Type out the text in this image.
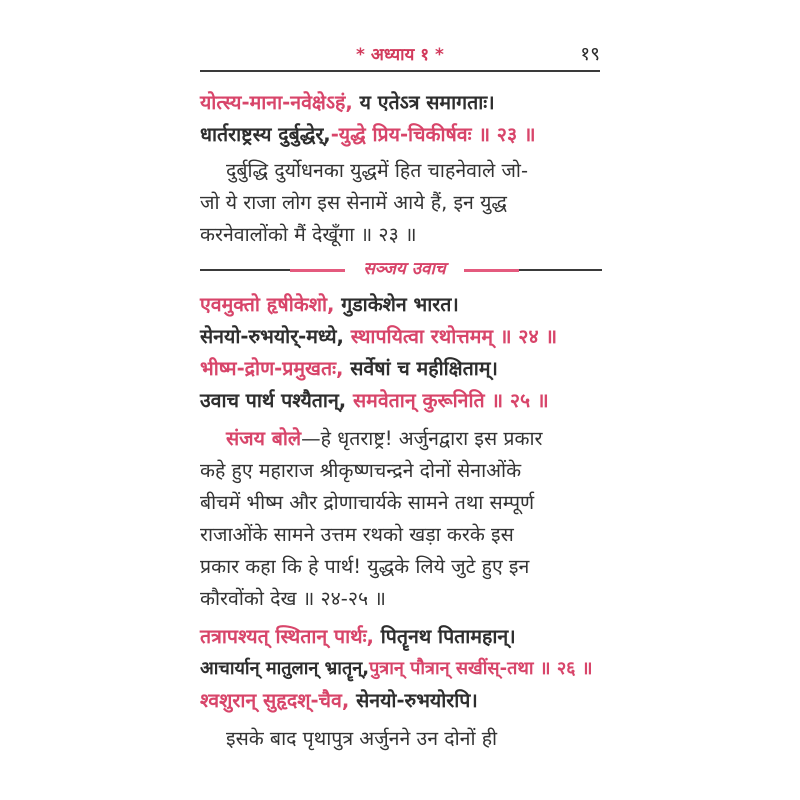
* अध्याय १ *	१९
योत्स्य-माना-नवेक्षेऽहं, य एतेऽत्र समागताः।
धार्तराष्ट्रस्य दुर्बुद्धेर्,-युद्धे प्रिय-चिकीर्षवः ॥ २३ ॥
दुर्बुद्धि दुर्योधनका युद्धमें हित चाहनेवाले जो-
जो ये राजा लोग इस सेनामें आये हैं, इन युद्ध
करनेवालोंको मैं देखूँगा ॥ २३ ॥
सञ्जय उवाच
एवमुक्तो हृषीकेशो, गुडाकेशेन भारत।
सेनयो-रुभयोर्-मध्ये, स्थापयित्वा रथोत्तमम् ॥ २४ ॥
भीष्म-द्रोण-प्रमुखतः, सर्वेषां च महीक्षिताम्।
उवाच पार्थ पश्यैतान्, समवेतान् कुरूनिति ॥ २५ ॥
संजय बोले—हे धृतराष्ट्र! अर्जुनद्वारा इस प्रकार
कहे हुए महाराज श्रीकृष्णचन्द्रने दोनों सेनाओंके
बीचमें भीष्म और द्रोणाचार्यके सामने तथा सम्पूर्ण
राजाओंके सामने उत्तम रथको खड़ा करके इस
प्रकार कहा कि हे पार्थ! युद्धके लिये जुटे हुए इन
कौरवोंको देख ॥ २४-२५ ॥
तत्रापश्यत् स्थितान् पार्थः, पितॄनथ पितामहान्।
आचार्यान् मातुलान् भ्रातॄन्,पुत्रान् पौत्रान् सखींस्-तथा ॥ २६ ॥
श्वशुरान् सुहृदश्-चैव, सेनयो-रुभयोरपि।
इसके बाद पृथापुत्र अर्जुनने उन दोनों ही
